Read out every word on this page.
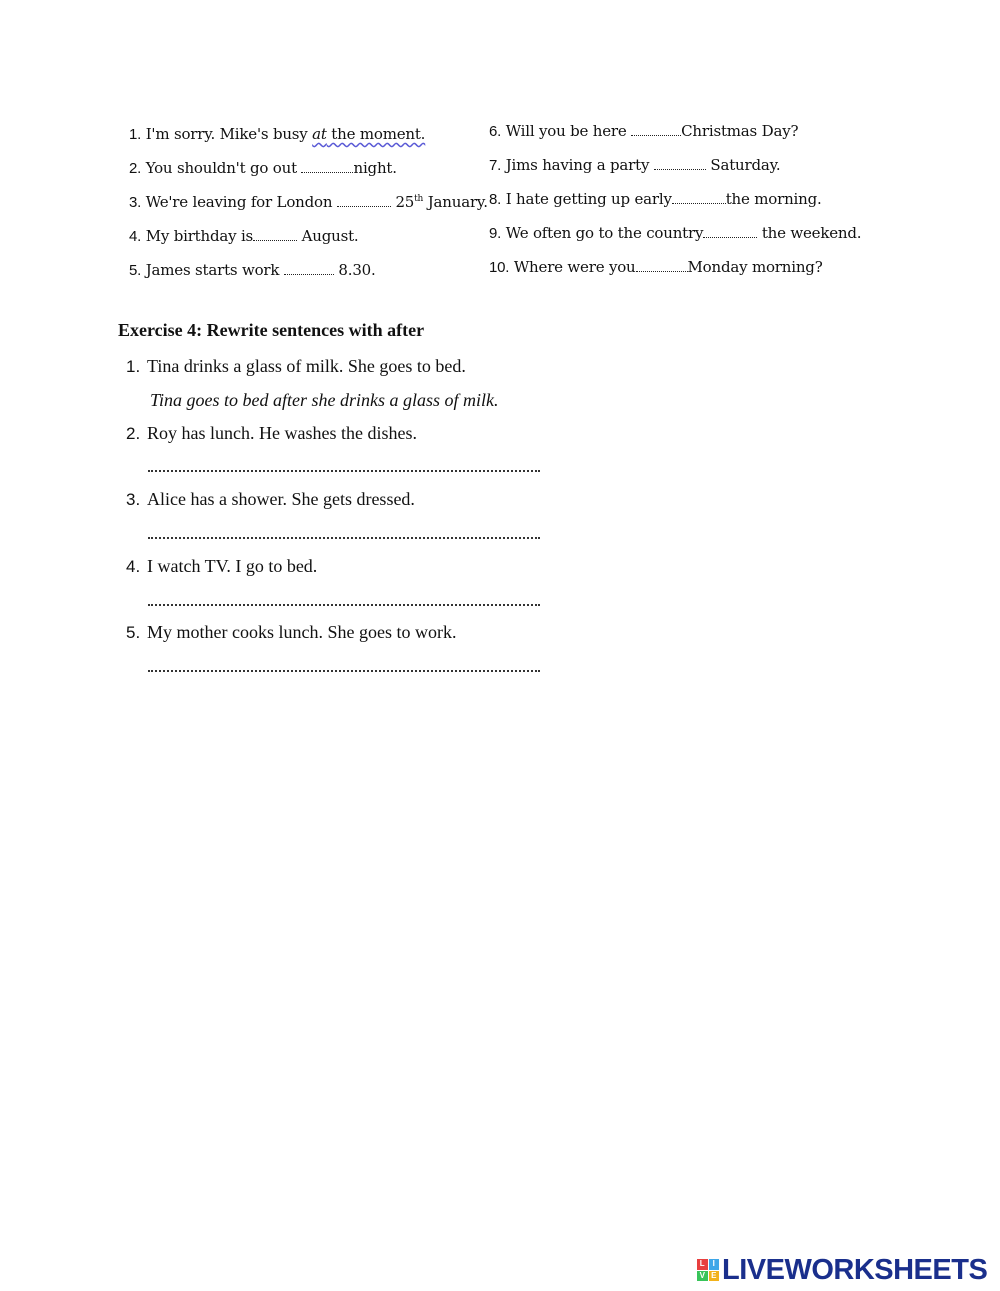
1. I'm sorry. Mike's busy at the moment.
2. You shouldn't go out	night.
3. We're leaving for London	25th January.
4. My birthday is	August.
5. James starts work	8.30.
6. Will you be here	Christmas Day?
7. Jims having a party	Saturday.
8. I hate getting up early	the morning.
9. We often go to the country	the weekend.
10. Where were you	Monday morning?
Exercise 4: Rewrite sentences with after
1. Tina drinks a glass of milk. She goes to bed.
Tina goes to bed after she drinks a glass of milk.
2. Roy has lunch. He washes the dishes.
3. Alice has a shower. She gets dressed.
4. I watch TV. I go to bed.
5. My mother cooks lunch. She goes to work.
L I
V E LIVEWORKSHEETS
